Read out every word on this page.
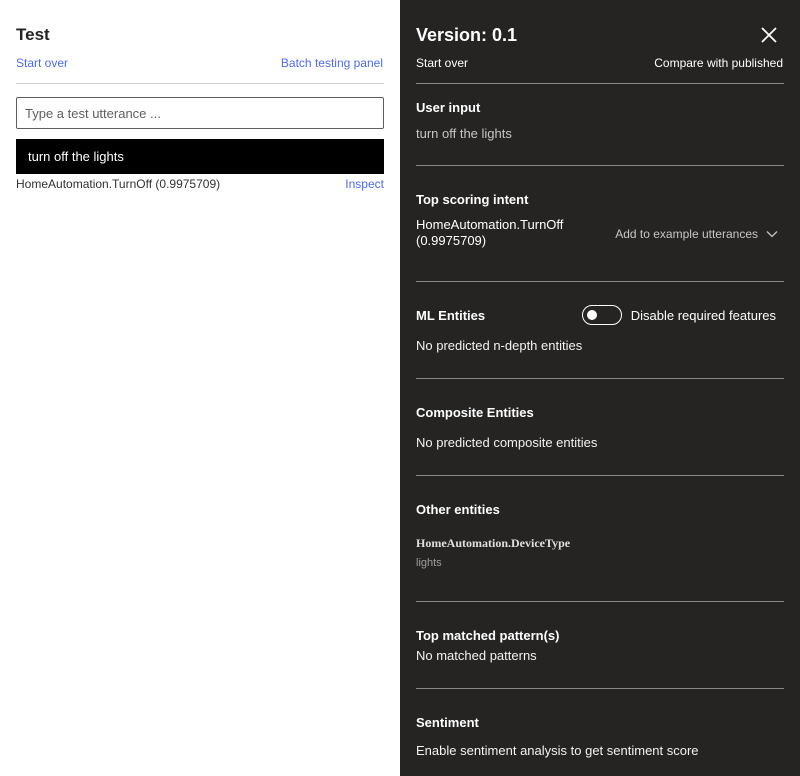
Test
Start over	Batch testing panel
Type a test utterance ...
turn off the lights
HomeAutomation.TurnOff (0.9975709)	Inspect
Version: 0.1
Start over	Compare with published
User input
turn off the lights
Top scoring intent
HomeAutomation.TurnOff
(0.9975709)	Add to example utterances
ML Entities	Disable required features
No predicted n-depth entities
Composite Entities
No predicted composite entities
Other entities
HomeAutomation.DeviceType
lights
Top matched pattern(s)
No matched patterns
Sentiment
Enable sentiment analysis to get sentiment score
